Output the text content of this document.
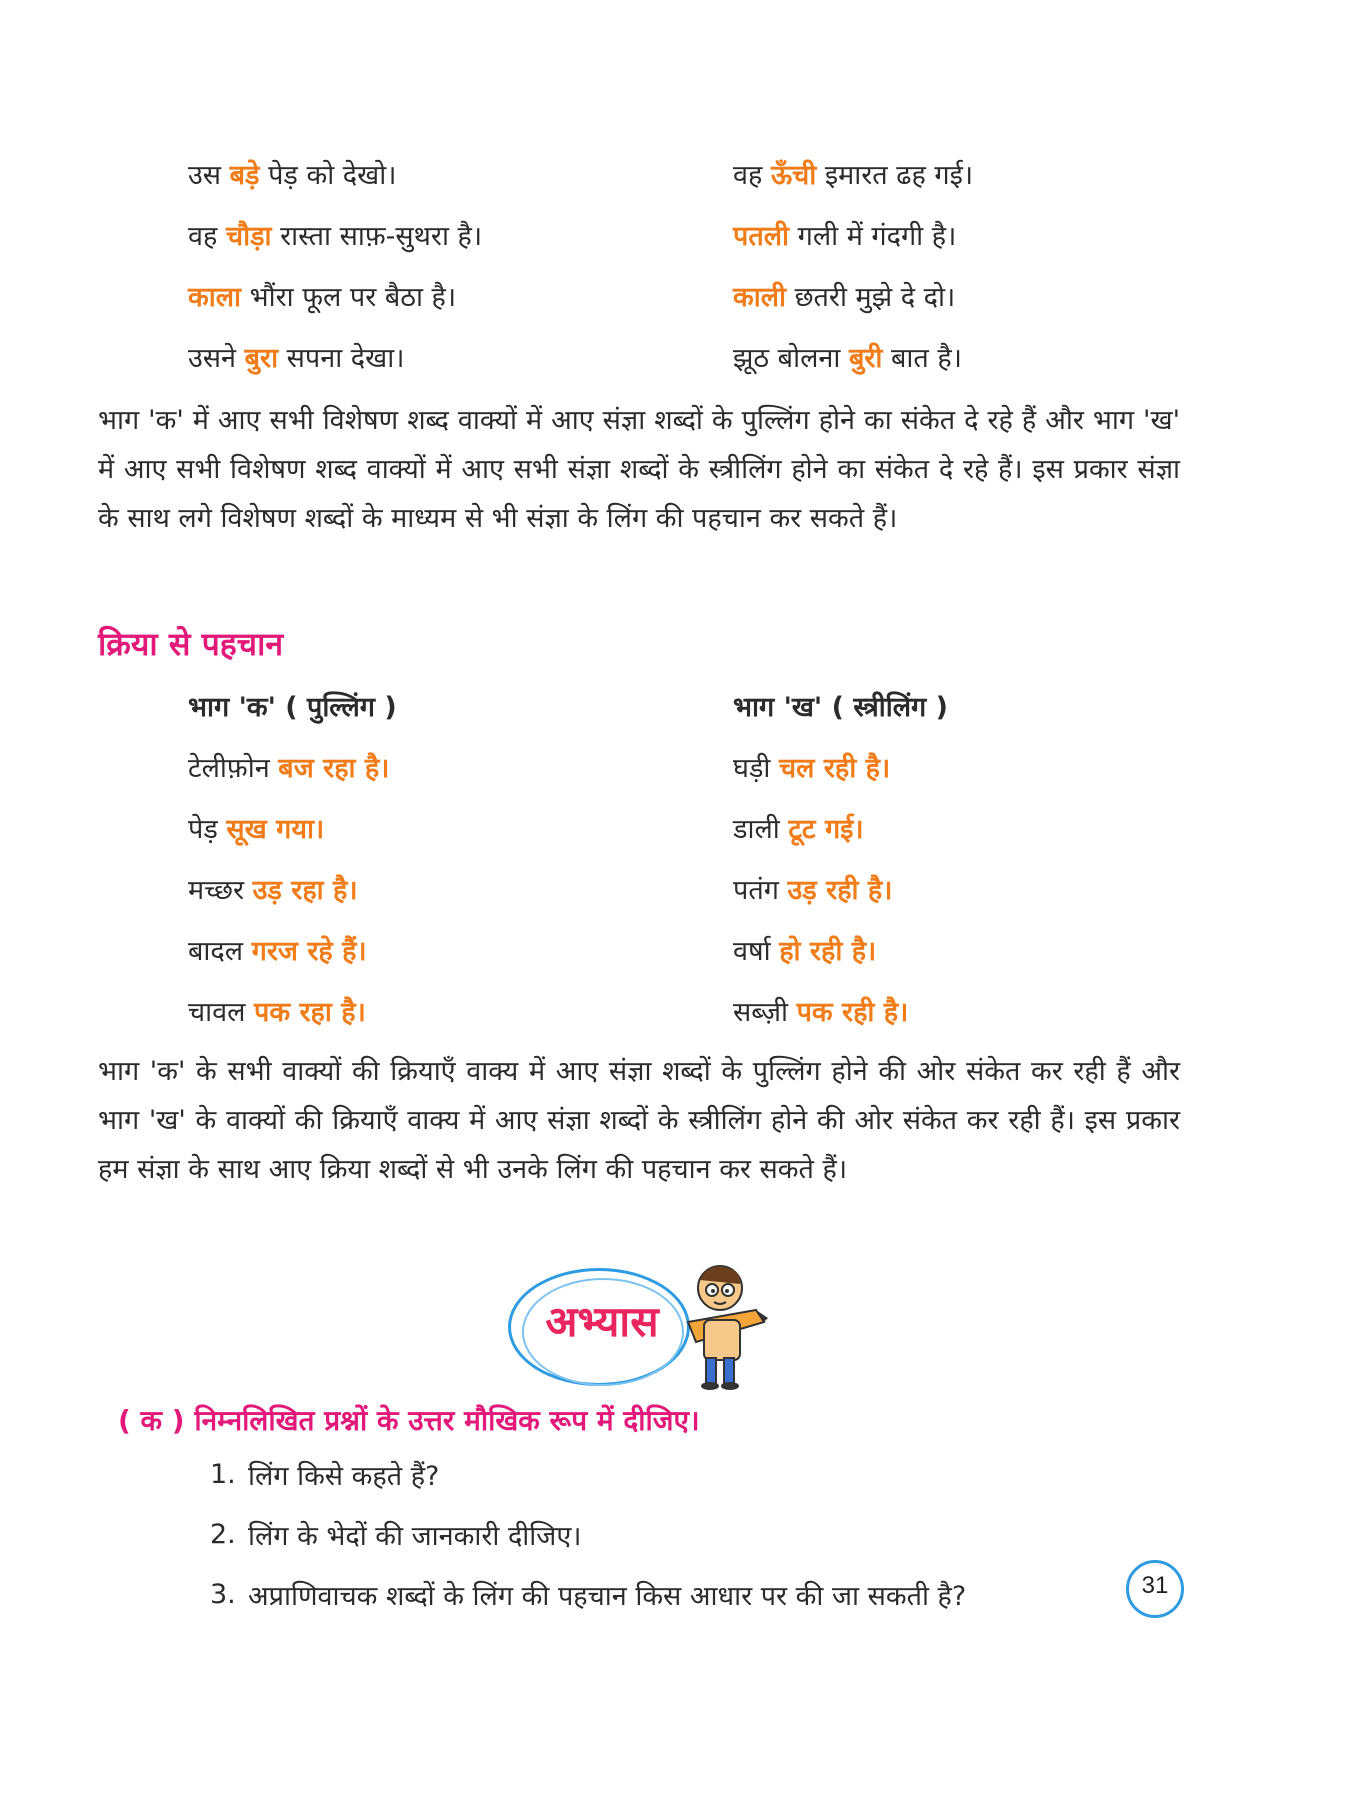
उस बड़े पेड़ को देखो।	वह ऊँची इमारत ढह गई।
वह चौड़ा रास्ता साफ़-सुथरा है।	पतली गली में गंदगी है।
काला भौंरा फूल पर बैठा है।	काली छतरी मुझे दे दो।
उसने बुरा सपना देखा।	झूठ बोलना बुरी बात है।

भाग 'क' में आए सभी विशेषण शब्द वाक्यों में आए संज्ञा शब्दों के पुल्लिंग होने का संकेत दे रहे हैं और भाग 'ख' में आए सभी विशेषण शब्द वाक्यों में आए सभी संज्ञा शब्दों के स्त्रीलिंग होने का संकेत दे रहे हैं। इस प्रकार संज्ञा के साथ लगे विशेषण शब्दों के माध्यम से भी संज्ञा के लिंग की पहचान कर सकते हैं।

क्रिया से पहचान
भाग 'क' ( पुल्लिंग )	भाग 'ख' ( स्त्रीलिंग )
टेलीफ़ोन बज रहा है।	घड़ी चल रही है।
पेड़ सूख गया।	डाली टूट गई।
मच्छर उड़ रहा है।	पतंग उड़ रही है।
बादल गरज रहे हैं।	वर्षा हो रही है।
चावल पक रहा है।	सब्ज़ी पक रही है।

भाग 'क' के सभी वाक्यों की क्रियाएँ वाक्य में आए संज्ञा शब्दों के पुल्लिंग होने की ओर संकेत कर रही हैं और भाग 'ख' के वाक्यों की क्रियाएँ वाक्य में आए संज्ञा शब्दों के स्त्रीलिंग होने की ओर संकेत कर रही हैं। इस प्रकार हम संज्ञा के साथ आए क्रिया शब्दों से भी उनके लिंग की पहचान कर सकते हैं।

अभ्यास
( क ) निम्नलिखित प्रश्नों के उत्तर मौखिक रूप में दीजिए।
1. लिंग किसे कहते हैं?
2. लिंग के भेदों की जानकारी दीजिए।
3. अप्राणिवाचक शब्दों के लिंग की पहचान किस आधार पर की जा सकती है?	31
